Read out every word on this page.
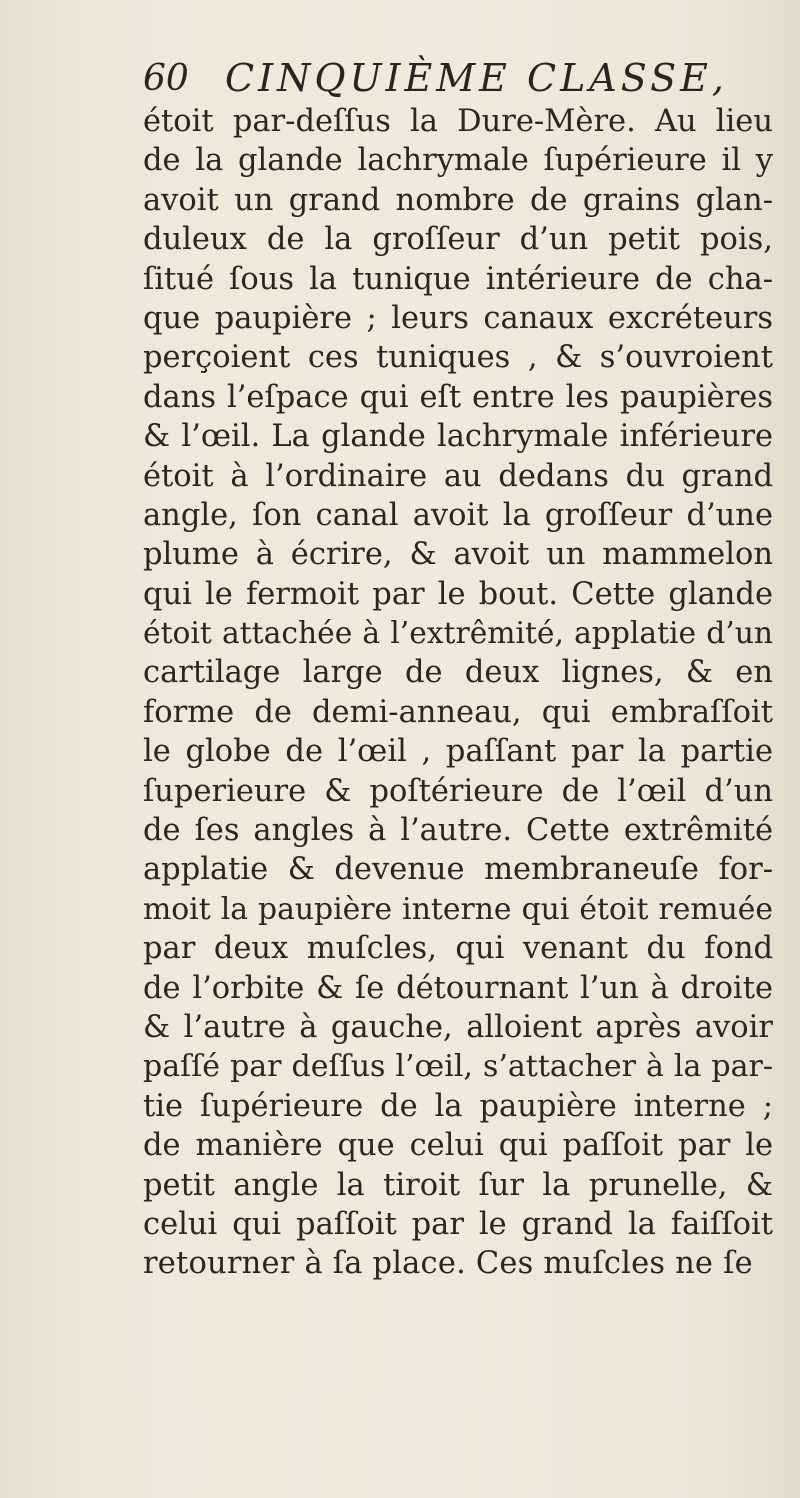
60 CINQUIÈME CLASSE,
étoit par-deſſus la Dure-Mère. Au lieu
de la glande lachrymale ſupérieure il y
avoit un grand nombre de grains glan-
duleux de la groſſeur d’un petit pois,
ſitué ſous la tunique intérieure de cha-
que paupière ; leurs canaux excréteurs
perçoient ces tuniques , & s’ouvroient
dans l’eſpace qui eſt entre les paupières
& l’œil. La glande lachrymale inférieure
étoit à l’ordinaire au dedans du grand
angle, ſon canal avoit la groſſeur d’une
plume à écrire, & avoit un mammelon
qui le fermoit par le bout. Cette glande
étoit attachée à l’extrêmité, applatie d’un
cartilage large de deux lignes, & en
forme de demi-anneau, qui embraſſoit
le globe de l’œil , paſſant par la partie
ſuperieure & poſtérieure de l’œil d’un
de ſes angles à l’autre. Cette extrêmité
applatie & devenue membraneuſe for-
moit la paupière interne qui étoit remuée
par deux muſcles, qui venant du fond
de l’orbite & ſe détournant l’un à droite
& l’autre à gauche, alloient après avoir
paſſé par deſſus l’œil, s’attacher à la par-
tie ſupérieure de la paupière interne ;
de manière que celui qui paſſoit par le
petit angle la tiroit ſur la prunelle, &
celui qui paſſoit par le grand la faiſſoit
retourner à ſa place. Ces muſcles ne ſe
